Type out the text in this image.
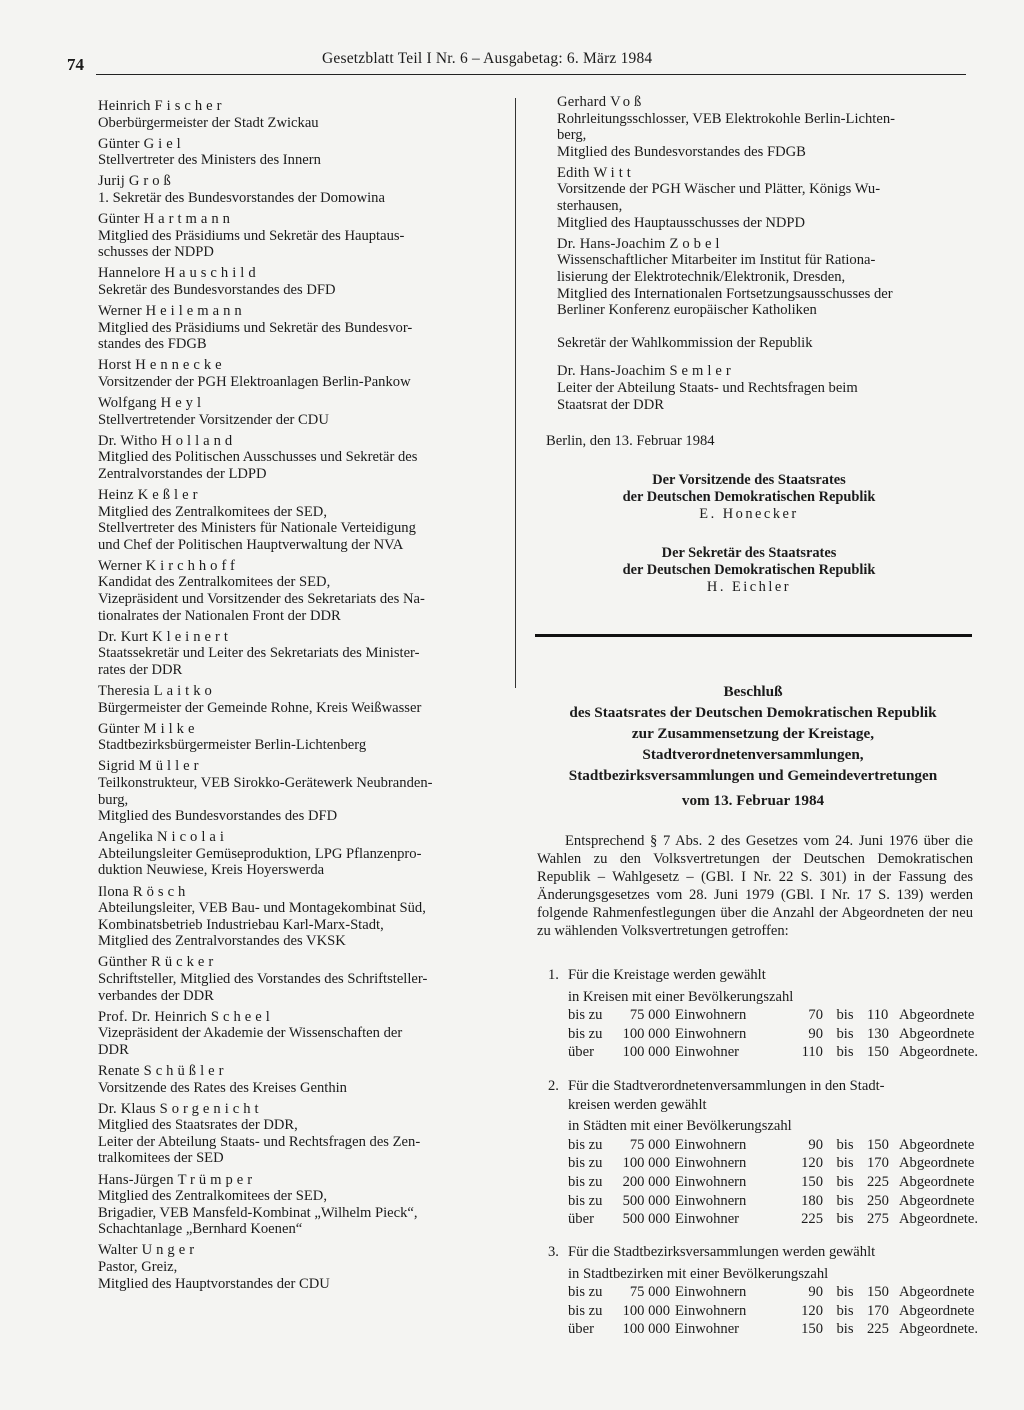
74	Gesetzblatt Teil I Nr. 6 – Ausgabetag: 6. März 1984
Heinrich Fischer
Oberbürgermeister der Stadt Zwickau
Günter Giel
Stellvertreter des Ministers des Innern
Jurij Groß
1. Sekretär des Bundesvorstandes der Domowina
Günter Hartmann
Mitglied des Präsidiums und Sekretär des Hauptaus-
schusses der NDPD
Hannelore Hauschild
Sekretär des Bundesvorstandes des DFD
Werner Heilemann
Mitglied des Präsidiums und Sekretär des Bundesvor-
standes des FDGB
Horst Hennecke
Vorsitzender der PGH Elektroanlagen Berlin-Pankow
Wolfgang Heyl
Stellvertretender Vorsitzender der CDU
Dr. Witho Holland
Mitglied des Politischen Ausschusses und Sekretär des
Zentralvorstandes der LDPD
Heinz Keßler
Mitglied des Zentralkomitees der SED,
Stellvertreter des Ministers für Nationale Verteidigung
und Chef der Politischen Hauptverwaltung der NVA
Werner Kirchhoff
Kandidat des Zentralkomitees der SED,
Vizepräsident und Vorsitzender des Sekretariats des Na-
tionalrates der Nationalen Front der DDR
Dr. Kurt Kleinert
Staatssekretär und Leiter des Sekretariats des Minister-
rates der DDR
Theresia Laitko
Bürgermeister der Gemeinde Rohne, Kreis Weißwasser
Günter Milke
Stadtbezirksbürgermeister Berlin-Lichtenberg
Sigrid Müller
Teilkonstrukteur, VEB Sirokko-Gerätewerk Neubranden-
burg,
Mitglied des Bundesvorstandes des DFD
Angelika Nicolai
Abteilungsleiter Gemüseproduktion, LPG Pflanzenpro-
duktion Neuwiese, Kreis Hoyerswerda
Ilona Rösch
Abteilungsleiter, VEB Bau- und Montagekombinat Süd,
Kombinatsbetrieb Industriebau Karl-Marx-Stadt,
Mitglied des Zentralvorstandes des VKSK
Günther Rücker
Schriftsteller, Mitglied des Vorstandes des Schriftsteller-
verbandes der DDR
Prof. Dr. Heinrich Scheel
Vizepräsident der Akademie der Wissenschaften der
DDR
Renate Schüßler
Vorsitzende des Rates des Kreises Genthin
Dr. Klaus Sorgenicht
Mitglied des Staatsrates der DDR,
Leiter der Abteilung Staats- und Rechtsfragen des Zen-
tralkomitees der SED
Hans-Jürgen Trümper
Mitglied des Zentralkomitees der SED,
Brigadier, VEB Mansfeld-Kombinat „Wilhelm Pieck“,
Schachtanlage „Bernhard Koenen“
Walter Unger
Pastor, Greiz,
Mitglied des Hauptvorstandes der CDU
Gerhard Voß
Rohrleitungsschlosser, VEB Elektrokohle Berlin-Lichten-
berg,
Mitglied des Bundesvorstandes des FDGB
Edith Witt
Vorsitzende der PGH Wäscher und Plätter, Königs Wu-
sterhausen,
Mitglied des Hauptausschusses der NDPD
Dr. Hans-Joachim Zobel
Wissenschaftlicher Mitarbeiter im Institut für Rationa-
lisierung der Elektrotechnik/Elektronik, Dresden,
Mitglied des Internationalen Fortsetzungsausschusses der
Berliner Konferenz europäischer Katholiken
Sekretär der Wahlkommission der Republik
Dr. Hans-Joachim Semler
Leiter der Abteilung Staats- und Rechtsfragen beim
Staatsrat der DDR
Berlin, den 13. Februar 1984
Der Vorsitzende des Staatsrates
der Deutschen Demokratischen Republik
E. Honecker
Der Sekretär des Staatsrates
der Deutschen Demokratischen Republik
H. Eichler
Beschluß
des Staatsrates der Deutschen Demokratischen Republik
zur Zusammensetzung der Kreistage,
Stadtverordnetenversammlungen,
Stadtbezirksversammlungen und Gemeindevertretungen
vom 13. Februar 1984
Entsprechend § 7 Abs. 2 des Gesetzes vom 24. Juni 1976 über die Wahlen zu den Volksvertretungen der Deutschen Demokratischen Republik – Wahlgesetz – (GBl. I Nr. 22 S. 301) in der Fassung des Änderungsgesetzes vom 28. Juni 1979 (GBl. I Nr. 17 S. 139) werden folgende Rahmenfestlegungen über die Anzahl der Abgeordneten der neu zu wählenden Volksvertretungen getroffen:
1. Für die Kreistage werden gewählt
in Kreisen mit einer Bevölkerungszahl
bis zu	75 000 Einwohnern	70 bis 110 Abgeordnete
bis zu	100 000 Einwohnern	90 bis 130 Abgeordnete
über	100 000 Einwohner	110 bis 150 Abgeordnete.
2. Für die Stadtverordnetenversammlungen in den Stadt-
kreisen werden gewählt
in Städten mit einer Bevölkerungszahl
bis zu	75 000 Einwohnern	90 bis 150 Abgeordnete
bis zu	100 000 Einwohnern	120 bis 170 Abgeordnete
bis zu	200 000 Einwohnern	150 bis 225 Abgeordnete
bis zu	500 000 Einwohnern	180 bis 250 Abgeordnete
über	500 000 Einwohner	225 bis 275 Abgeordnete.
3. Für die Stadtbezirksversammlungen werden gewählt
in Stadtbezirken mit einer Bevölkerungszahl
bis zu	75 000 Einwohnern	90 bis 150 Abgeordnete
bis zu	100 000 Einwohnern	120 bis 170 Abgeordnete
über	100 000 Einwohner	150 bis 225 Abgeordnete.
